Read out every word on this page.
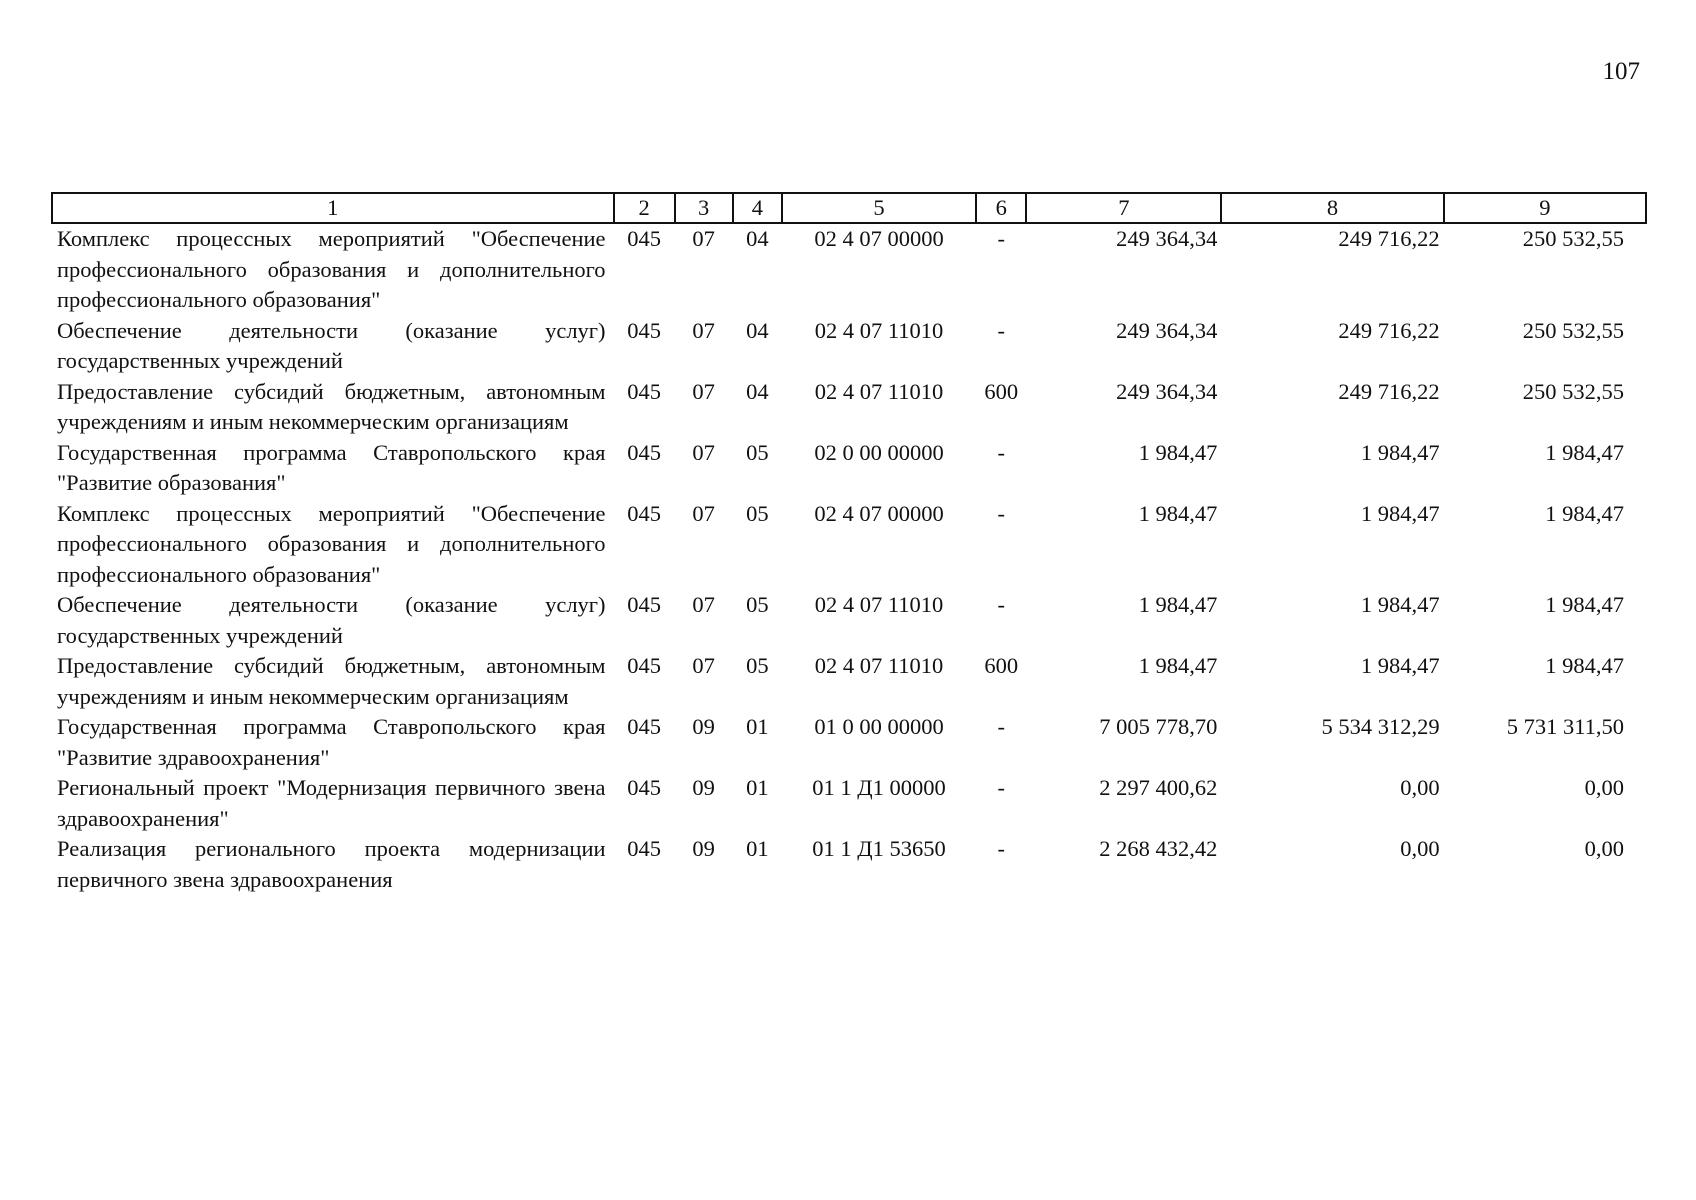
107
1	2	3	4	5	6	7	8	9
Комплекс процессных мероприятий "Обеспечение профессионального образования и дополнительного профессионального образования"	045	07	04	02 4 07 00000	-	249 364,34	249 716,22	250 532,55
Обеспечение деятельности (оказание услуг) государственных учреждений	045	07	04	02 4 07 11010	-	249 364,34	249 716,22	250 532,55
Предоставление субсидий бюджетным, автономным учреждениям и иным некоммерческим организациям	045	07	04	02 4 07 11010	600	249 364,34	249 716,22	250 532,55
Государственная программа Ставропольского края "Развитие образования"	045	07	05	02 0 00 00000	-	1 984,47	1 984,47	1 984,47
Комплекс процессных мероприятий "Обеспечение профессионального образования и дополнительного профессионального образования"	045	07	05	02 4 07 00000	-	1 984,47	1 984,47	1 984,47
Обеспечение деятельности (оказание услуг) государственных учреждений	045	07	05	02 4 07 11010	-	1 984,47	1 984,47	1 984,47
Предоставление субсидий бюджетным, автономным учреждениям и иным некоммерческим организациям	045	07	05	02 4 07 11010	600	1 984,47	1 984,47	1 984,47
Государственная программа Ставропольского края "Развитие здравоохранения"	045	09	01	01 0 00 00000	-	7 005 778,70	5 534 312,29	5 731 311,50
Региональный проект "Модернизация первичного звена здравоохранения"	045	09	01	01 1 Д1 00000	-	2 297 400,62	0,00	0,00
Реализация регионального проекта модернизации первичного звена здравоохранения	045	09	01	01 1 Д1 53650	-	2 268 432,42	0,00	0,00
